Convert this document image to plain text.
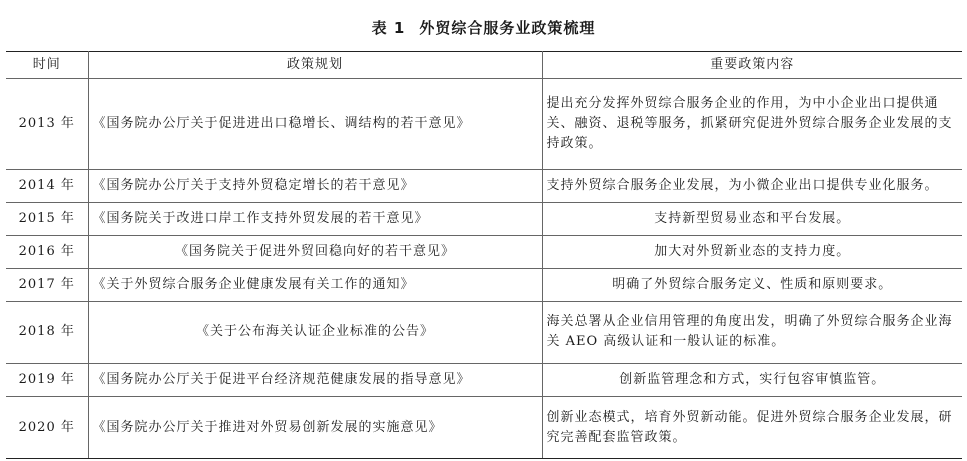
表 1 外贸综合服务业政策梳理
时间	政策规划	重要政策内容
2013 年	《国务院办公厅关于促进进出口稳增长、调结构的若干意见》	提出充分发挥外贸综合服务企业的作用，为中小企业出口提供通关、融资、退税等服务，抓紧研究促进外贸综合服务企业发展的支持政策。
2014 年	《国务院办公厅关于支持外贸稳定增长的若干意见》	支持外贸综合服务企业发展，为小微企业出口提供专业化服务。
2015 年	《国务院关于改进口岸工作支持外贸发展的若干意见》	支持新型贸易业态和平台发展。
2016 年	《国务院关于促进外贸回稳向好的若干意见》	加大对外贸新业态的支持力度。
2017 年	《关于外贸综合服务企业健康发展有关工作的通知》	明确了外贸综合服务定义、性质和原则要求。
2018 年	《关于公布海关认证企业标准的公告》	海关总署从企业信用管理的角度出发，明确了外贸综合服务企业海关 AEO 高级认证和一般认证的标准。
2019 年	《国务院办公厅关于促进平台经济规范健康发展的指导意见》	创新监管理念和方式，实行包容审慎监管。
2020 年	《国务院办公厅关于推进对外贸易创新发展的实施意见》	创新业态模式，培育外贸新动能。促进外贸综合服务企业发展，研究完善配套监管政策。
